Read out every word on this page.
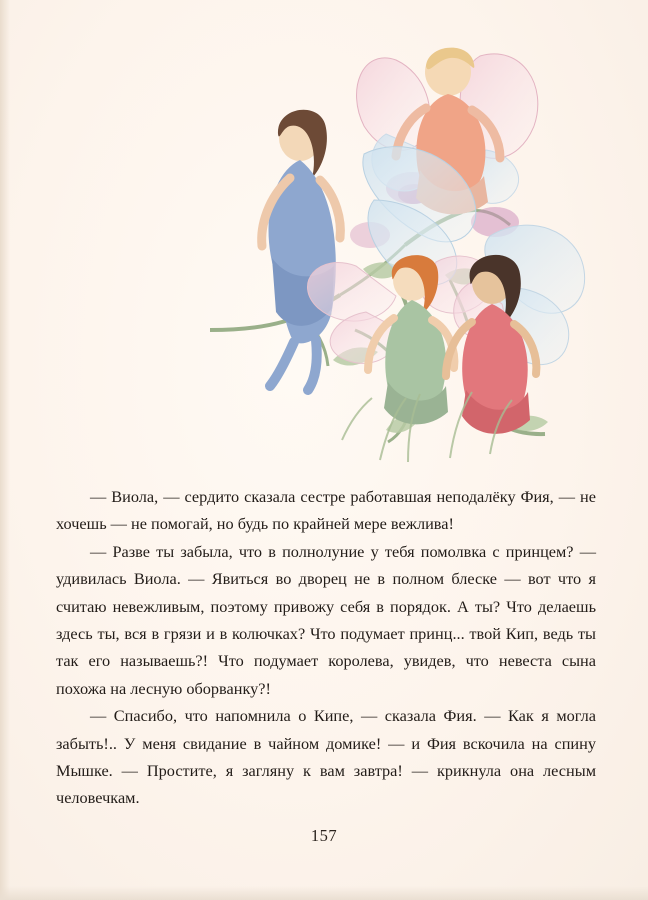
— Виола, — сердито сказала сестре работавшая неподалёку Фия, — не хочешь — не помогай, но будь по крайней мере вежлива!

— Разве ты забыла, что в полнолуние у тебя помолвка с принцем? — удивилась Виола. — Явиться во дворец не в полном блеске — вот что я считаю невежливым, поэтому привожу себя в порядок. А ты? Что делаешь здесь ты, вся в грязи и в колючках? Что подумает принц... твой Кип, ведь ты так его называешь?! Что подумает королева, увидев, что невеста сына похожа на лесную оборванку?!

— Спасибо, что напомнила о Кипе, — сказала Фия. — Как я могла забыть!.. У меня свидание в чайном домике! — и Фия вскочила на спину Мышке. — Простите, я загляну к вам завтра! — крикнула она лесным человечкам.

157
